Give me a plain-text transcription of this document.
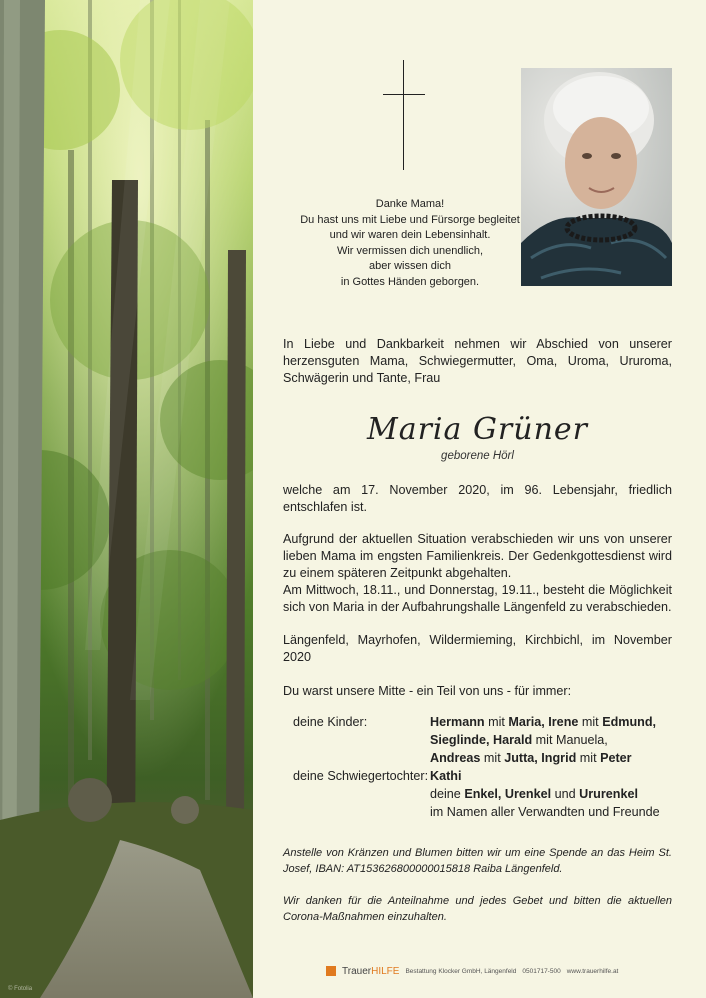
© Fotolia
Danke Mama!
Du hast uns mit Liebe und Fürsorge begleitet
und wir waren dein Lebensinhalt.
Wir vermissen dich unendlich,
aber wissen dich
in Gottes Händen geborgen.
In Liebe und Dankbarkeit nehmen wir Abschied von unserer herzensguten Mama, Schwiegermutter, Oma, Uroma, Ururoma, Schwägerin und Tante, Frau
Maria Grüner
geborene Hörl
welche am 17. November 2020, im 96. Lebensjahr, friedlich entschlafen ist.
Aufgrund der aktuellen Situation verabschieden wir uns von unserer lieben Mama im engsten Familienkreis. Der Gedenkgottesdienst wird zu einem späteren Zeitpunkt abgehalten.
Am Mittwoch, 18.11., und Donnerstag, 19.11., besteht die Möglichkeit sich von Maria in der Aufbahrungshalle Längenfeld zu verabschieden.
Längenfeld, Mayrhofen, Wildermieming, Kirchbichl, im November 2020
Du warst unsere Mitte - ein Teil von uns - für immer:
deine Kinder:	Hermann mit Maria, Irene mit Edmund,
Sieglinde, Harald mit Manuela,
Andreas mit Jutta, Ingrid mit Peter
deine Schwiegertochter: Kathi
deine Enkel, Urenkel und Ururenkel
im Namen aller Verwandten und Freunde
Anstelle von Kränzen und Blumen bitten wir um eine Spende an das Heim St. Josef, IBAN: AT153626800000015818 Raiba Längenfeld.
Wir danken für die Anteilnahme und jedes Gebet und bitten die aktuellen Corona-Maßnahmen einzuhalten.
TrauerHILFE Bestattung Klocker GmbH, Längenfeld 0501717-500 www.trauerhilfe.at
